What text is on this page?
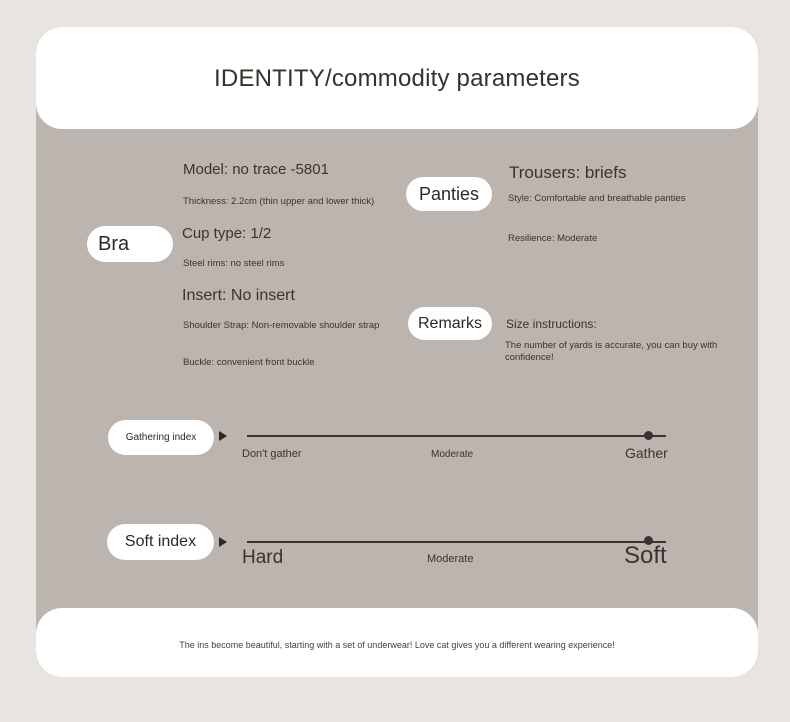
IDENTITY/commodity parameters
Bra
Model: no trace -5801
Thickness: 2.2cm (thin upper and lower thick)
Cup type: 1/2
Steel rims: no steel rims
Insert: No insert
Shoulder Strap: Non-removable shoulder strap
Buckle: convenient front buckle
Panties
Trousers: briefs
Style: Comfortable and breathable panties
Resilience: Moderate
Remarks Size instructions:
The number of yards is accurate, you can buy with confidence!
Gathering index
Don't gather	Moderate	Gather
Soft index
Hard	Moderate	Soft
The ins become beautiful, starting with a set of underwear! Love cat gives you a different wearing experience!
